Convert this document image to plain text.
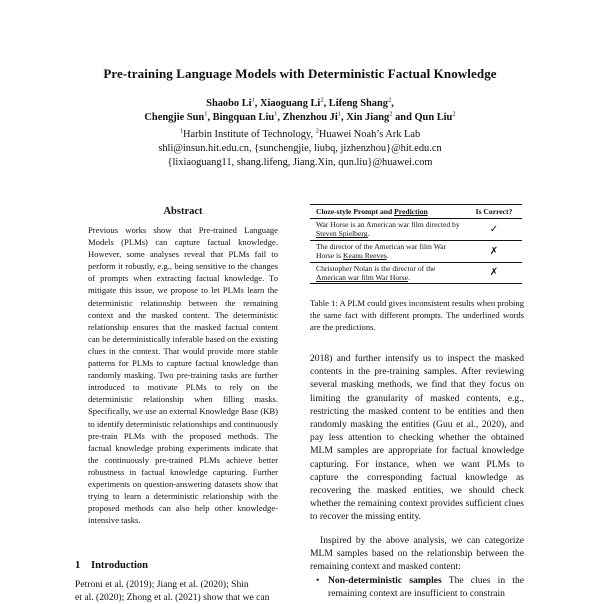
Pre-training Language Models with Deterministic Factual Knowledge
Shaobo Li$^1$, Xiaoguang Li$^2$, Lifeng Shang$^2$,
Chengjie Sun$^1$, Bingquan Liu$^1$, Zhenzhou Ji$^1$, Xin Jiang$^2$ and Qun Liu$^2$
$^1$Harbin Institute of Technology, $^2$Huawei Noah’s Ark Lab
shli@insun.hit.edu.cn, {sunchengjie, liubq, jizhenzhou}@hit.edu.cn
{lixiaoguang11, shang.lifeng, Jiang.Xin, qun.liu}@huawei.com
Abstract
Previous works show that Pre-trained Language Models (PLMs) can capture factual knowledge. However, some analyses reveal that PLMs fail to perform it robustly, e.g., being sensitive to the changes of prompts when extracting factual knowledge. To mitigate this issue, we propose to let PLMs learn the deterministic relationship between the remaining context and the masked content. The deterministic relationship ensures that the masked factual content can be deterministically inferable based on the existing clues in the context. That would provide more stable patterns for PLMs to capture factual knowledge than randomly masking. Two pre-training tasks are further introduced to motivate PLMs to rely on the deterministic relationship when filling masks. Specifically, we use an external Knowledge Base (KB) to identify deterministic relationships and continuously pre-train PLMs with the proposed methods. The factual knowledge probing experiments indicate that the continuously pre-trained PLMs achieve better robustness in factual knowledge capturing. Further experiments on question-answering datasets show that trying to learn a deterministic relationship with the proposed methods can also help other knowledge-intensive tasks.
1 Introduction
Petroni et al. (2019); Jiang et al. (2020); Shin
et al. (2020); Zhong et al. (2021) show that we can
Cloze-style Prompt and Prediction	Is Correct?
War Horse is an American war film directed by Steven Spielberg.	✓
The director of the American war film War Horse is Keanu Reeves.	✗
Christopher Nolan is the director of the American war film War Horse.	✗
Table 1: A PLM could gives inconsistent results when probing the same fact with different prompts. The underlined words are the predictions.
2018) and further intensify us to inspect the masked contents in the pre-training samples. After reviewing several masking methods, we find that they focus on limiting the granularity of masked contents, e.g., restricting the masked content to be entities and then randomly masking the entities (Guu et al., 2020), and pay less attention to checking whether the obtained MLM samples are appropriate for factual knowledge capturing. For instance, when we want PLMs to capture the corresponding factual knowledge as recovering the masked entities, we should check whether the remaining context provides sufficient clues to recover the missing entity.
Inspired by the above analysis, we can categorize MLM samples based on the relationship between the remaining context and masked content:
• Non-deterministic samples The clues in the remaining context are insufficient to constrain
